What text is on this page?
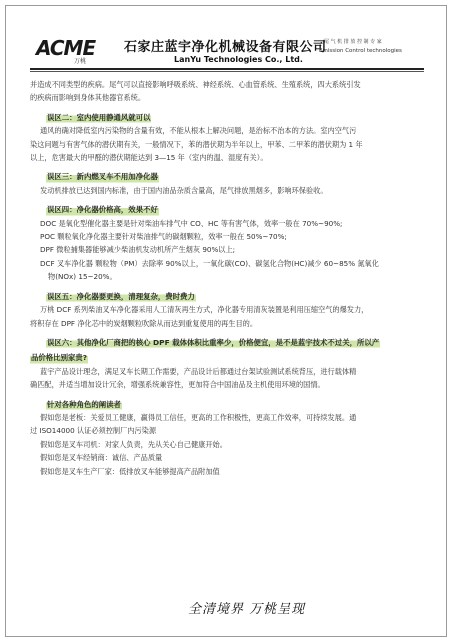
ACME
万桃
石家庄蓝宇净化机械设备有限公司
LanYu Technologies Co., Ltd.
尾 气 机 排 放 控 制 专 家
Emission Control technologies

并造成不同类型的疾病。尾气可以直接影响呼吸系统、神经系统、心血管系统、生殖系统，四大系统引发

的疾病而影响到身体其他器官系统。

误区二：室内使用静通风就可以

通风的确对降低室内污染物的含量有效，不能从根本上解决问题，是治标不治本的方法。室内空气污

染这问题与有害气体的潜伏期有关，一般情况下，苯的潜伏期为半年以上，甲苯、二甲苯的潜伏期为 1 年

以上，危害最大的甲醛的潜伏期能达到 3—15 年（室内的温、湿度有关）。

误区三：新内燃叉车不用加净化器

发动机排放已达到国内标准，由于国内油品杂质含量高，尾气排放黑烟多，影响环保验收。

误区四：净化器价格高，效果不好

DOC 是氧化型催化器主要是针对柴油车排气中 CO、HC 等有害气体，效率一般在 70%~90%;

POC 颗粒氧化净化器主要针对柴油排气的碳烟颗粒，效率一般在 50%~70%;

DPF 微粒捕集器能够减少柴油机发动机所产生烟灰 90%以上;

DCF 叉车净化器 颗粒物（PM）去除率 90%以上，一氧化碳(CO)、碳氢化合物(HC)减少 60~85% 氮氧化

物(NOx) 15~20%。

误区五：净化器要更换，清理复杂，费时费力

万桃 DCF 系列柴油叉车净化器采用人工清灰再生方式，净化器专用清灰装置是利用压缩空气的爆发力，

将积存在 DPF 净化芯中的炭烟颗粒吹除从而达到重复使用的再生目的。

误区六：其他净化厂商把的核心 DPF 载体体积比重率少，价格便宜，是不是蓝宇技术不过关，所以产 品价格比别家贵?

蓝宇产品设计理念，满足叉车长期工作需要，产品设计后都通过台架试验测试系统背压，进行载体精

确匹配，并适当增加设计冗余，增强系统兼容性，更加符合中国油品及主机使用环境的国情。

针对各种角色的阐读者

假如您是老板：关爱员工健康，赢得员工信任，更高的工作积极性，更高工作效率，可持续发展。通

过 ISO14000 认证必须控制厂内污染源

假如您是叉车司机：对家人负责，先从关心自己健康开始。

假如您是叉车经销商：诚信、产品质量

假如您是叉车生产厂家：低排放叉车能够提高产品附加值

全清境界 万桃呈现
